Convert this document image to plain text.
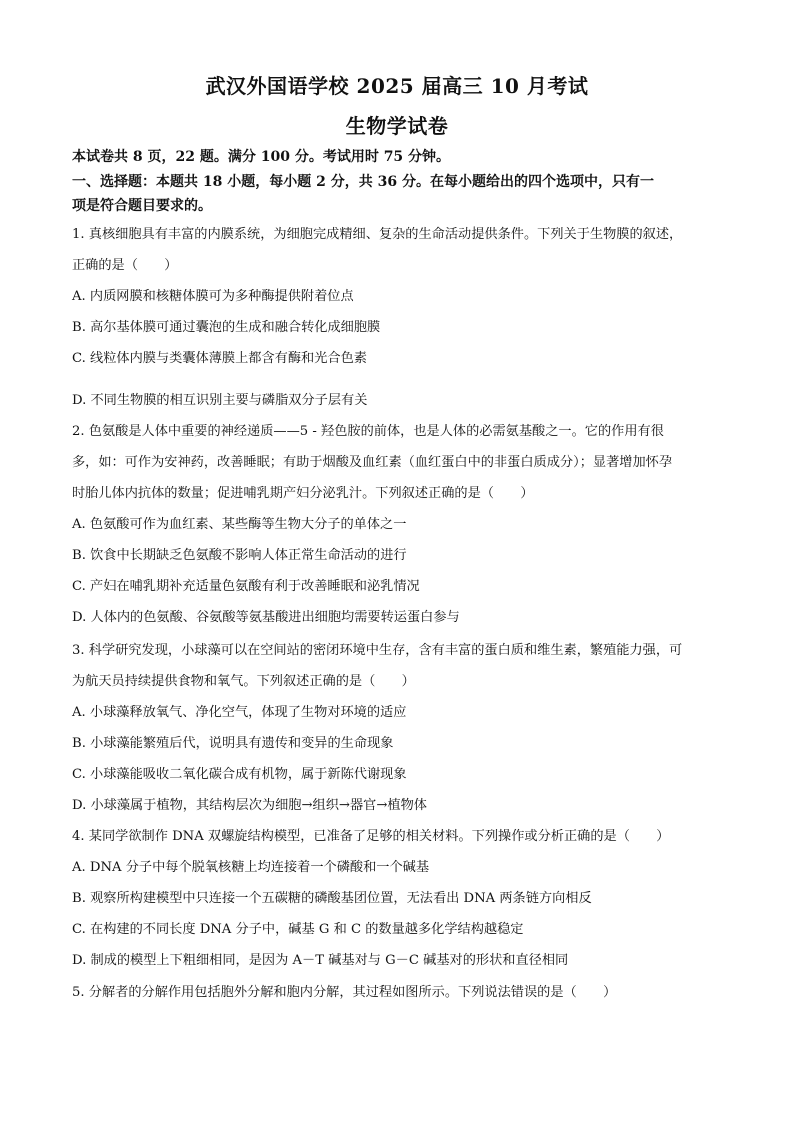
武汉外国语学校 2025 届高三 10 月考试
生物学试卷
本试卷共 8 页，22 题。满分 100 分。考试用时 75 分钟。
一、选择题：本题共 18 小题，每小题 2 分，共 36 分。在每小题给出的四个选项中，只有一
项是符合题目要求的。
1. 真核细胞具有丰富的内膜系统，为细胞完成精细、复杂的生命活动提供条件。下列关于生物膜的叙述，
正确的是（　　）
A. 内质网膜和核糖体膜可为多种酶提供附着位点
B. 高尔基体膜可通过囊泡的生成和融合转化成细胞膜
C. 线粒体内膜与类囊体薄膜上都含有酶和光合色素
D. 不同生物膜的相互识别主要与磷脂双分子层有关
2. 色氨酸是人体中重要的神经递质——5 - 羟色胺的前体，也是人体的必需氨基酸之一。它的作用有很
多，如：可作为安神药，改善睡眠；有助于烟酸及血红素（血红蛋白中的非蛋白质成分）；显著增加怀孕
时胎儿体内抗体的数量；促进哺乳期产妇分泌乳汁。下列叙述正确的是（　　）
A. 色氨酸可作为血红素、某些酶等生物大分子的单体之一
B. 饮食中长期缺乏色氨酸不影响人体正常生命活动的进行
C. 产妇在哺乳期补充适量色氨酸有利于改善睡眠和泌乳情况
D. 人体内的色氨酸、谷氨酸等氨基酸进出细胞均需要转运蛋白参与
3. 科学研究发现，小球藻可以在空间站的密闭环境中生存，含有丰富的蛋白质和维生素，繁殖能力强，可
为航天员持续提供食物和氧气。下列叙述正确的是（　　）
A. 小球藻释放氧气、净化空气，体现了生物对环境的适应
B. 小球藻能繁殖后代，说明具有遗传和变异的生命现象
C. 小球藻能吸收二氧化碳合成有机物，属于新陈代谢现象
D. 小球藻属于植物，其结构层次为细胞→组织→器官→植物体
4. 某同学欲制作 DNA 双螺旋结构模型，已准备了足够的相关材料。下列操作或分析正确的是（　　）
A. DNA 分子中每个脱氧核糖上均连接着一个磷酸和一个碱基
B. 观察所构建模型中只连接一个五碳糖的磷酸基团位置，无法看出 DNA 两条链方向相反
C. 在构建的不同长度 DNA 分子中，碱基 G 和 C 的数量越多化学结构越稳定
D. 制成的模型上下粗细相同，是因为 A－T 碱基对与 G－C 碱基对的形状和直径相同
5. 分解者的分解作用包括胞外分解和胞内分解，其过程如图所示。下列说法错误的是（　　）
